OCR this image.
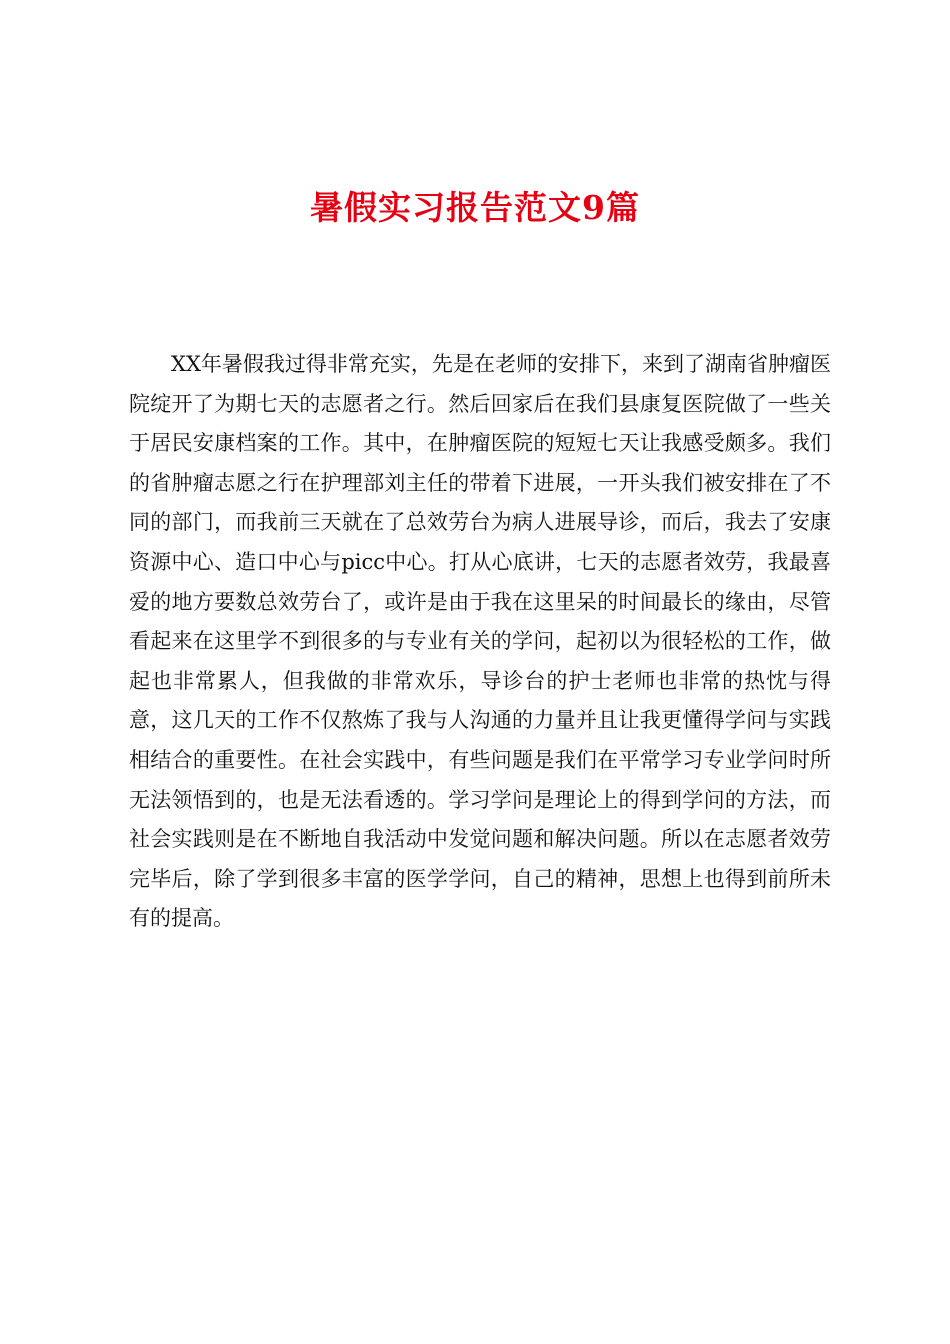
暑假实习报告范文9篇

XX年暑假我过得非常充实，先是在老师的安排下，来到了湖南省肿瘤医院绽开了为期七天的志愿者之行。然后回家后在我们县康复医院做了一些关于居民安康档案的工作。其中，在肿瘤医院的短短七天让我感受颇多。我们的省肿瘤志愿之行在护理部刘主任的带着下进展，一开头我们被安排在了不同的部门，而我前三天就在了总效劳台为病人进展导诊，而后，我去了安康资源中心、造口中心与picc中心。打从心底讲，七天的志愿者效劳，我最喜爱的地方要数总效劳台了，或许是由于我在这里呆的时间最长的缘由，尽管看起来在这里学不到很多的与专业有关的学问，起初以为很轻松的工作，做起也非常累人，但我做的非常欢乐，导诊台的护士老师也非常的热忱与得意，这几天的工作不仅熬炼了我与人沟通的力量并且让我更懂得学问与实践相结合的重要性。在社会实践中，有些问题是我们在平常学习专业学问时所无法领悟到的，也是无法看透的。学习学问是理论上的得到学问的方法，而社会实践则是在不断地自我活动中发觉问题和解决问题。所以在志愿者效劳完毕后，除了学到很多丰富的医学学问，自己的精神，思想上也得到前所未有的提高。
